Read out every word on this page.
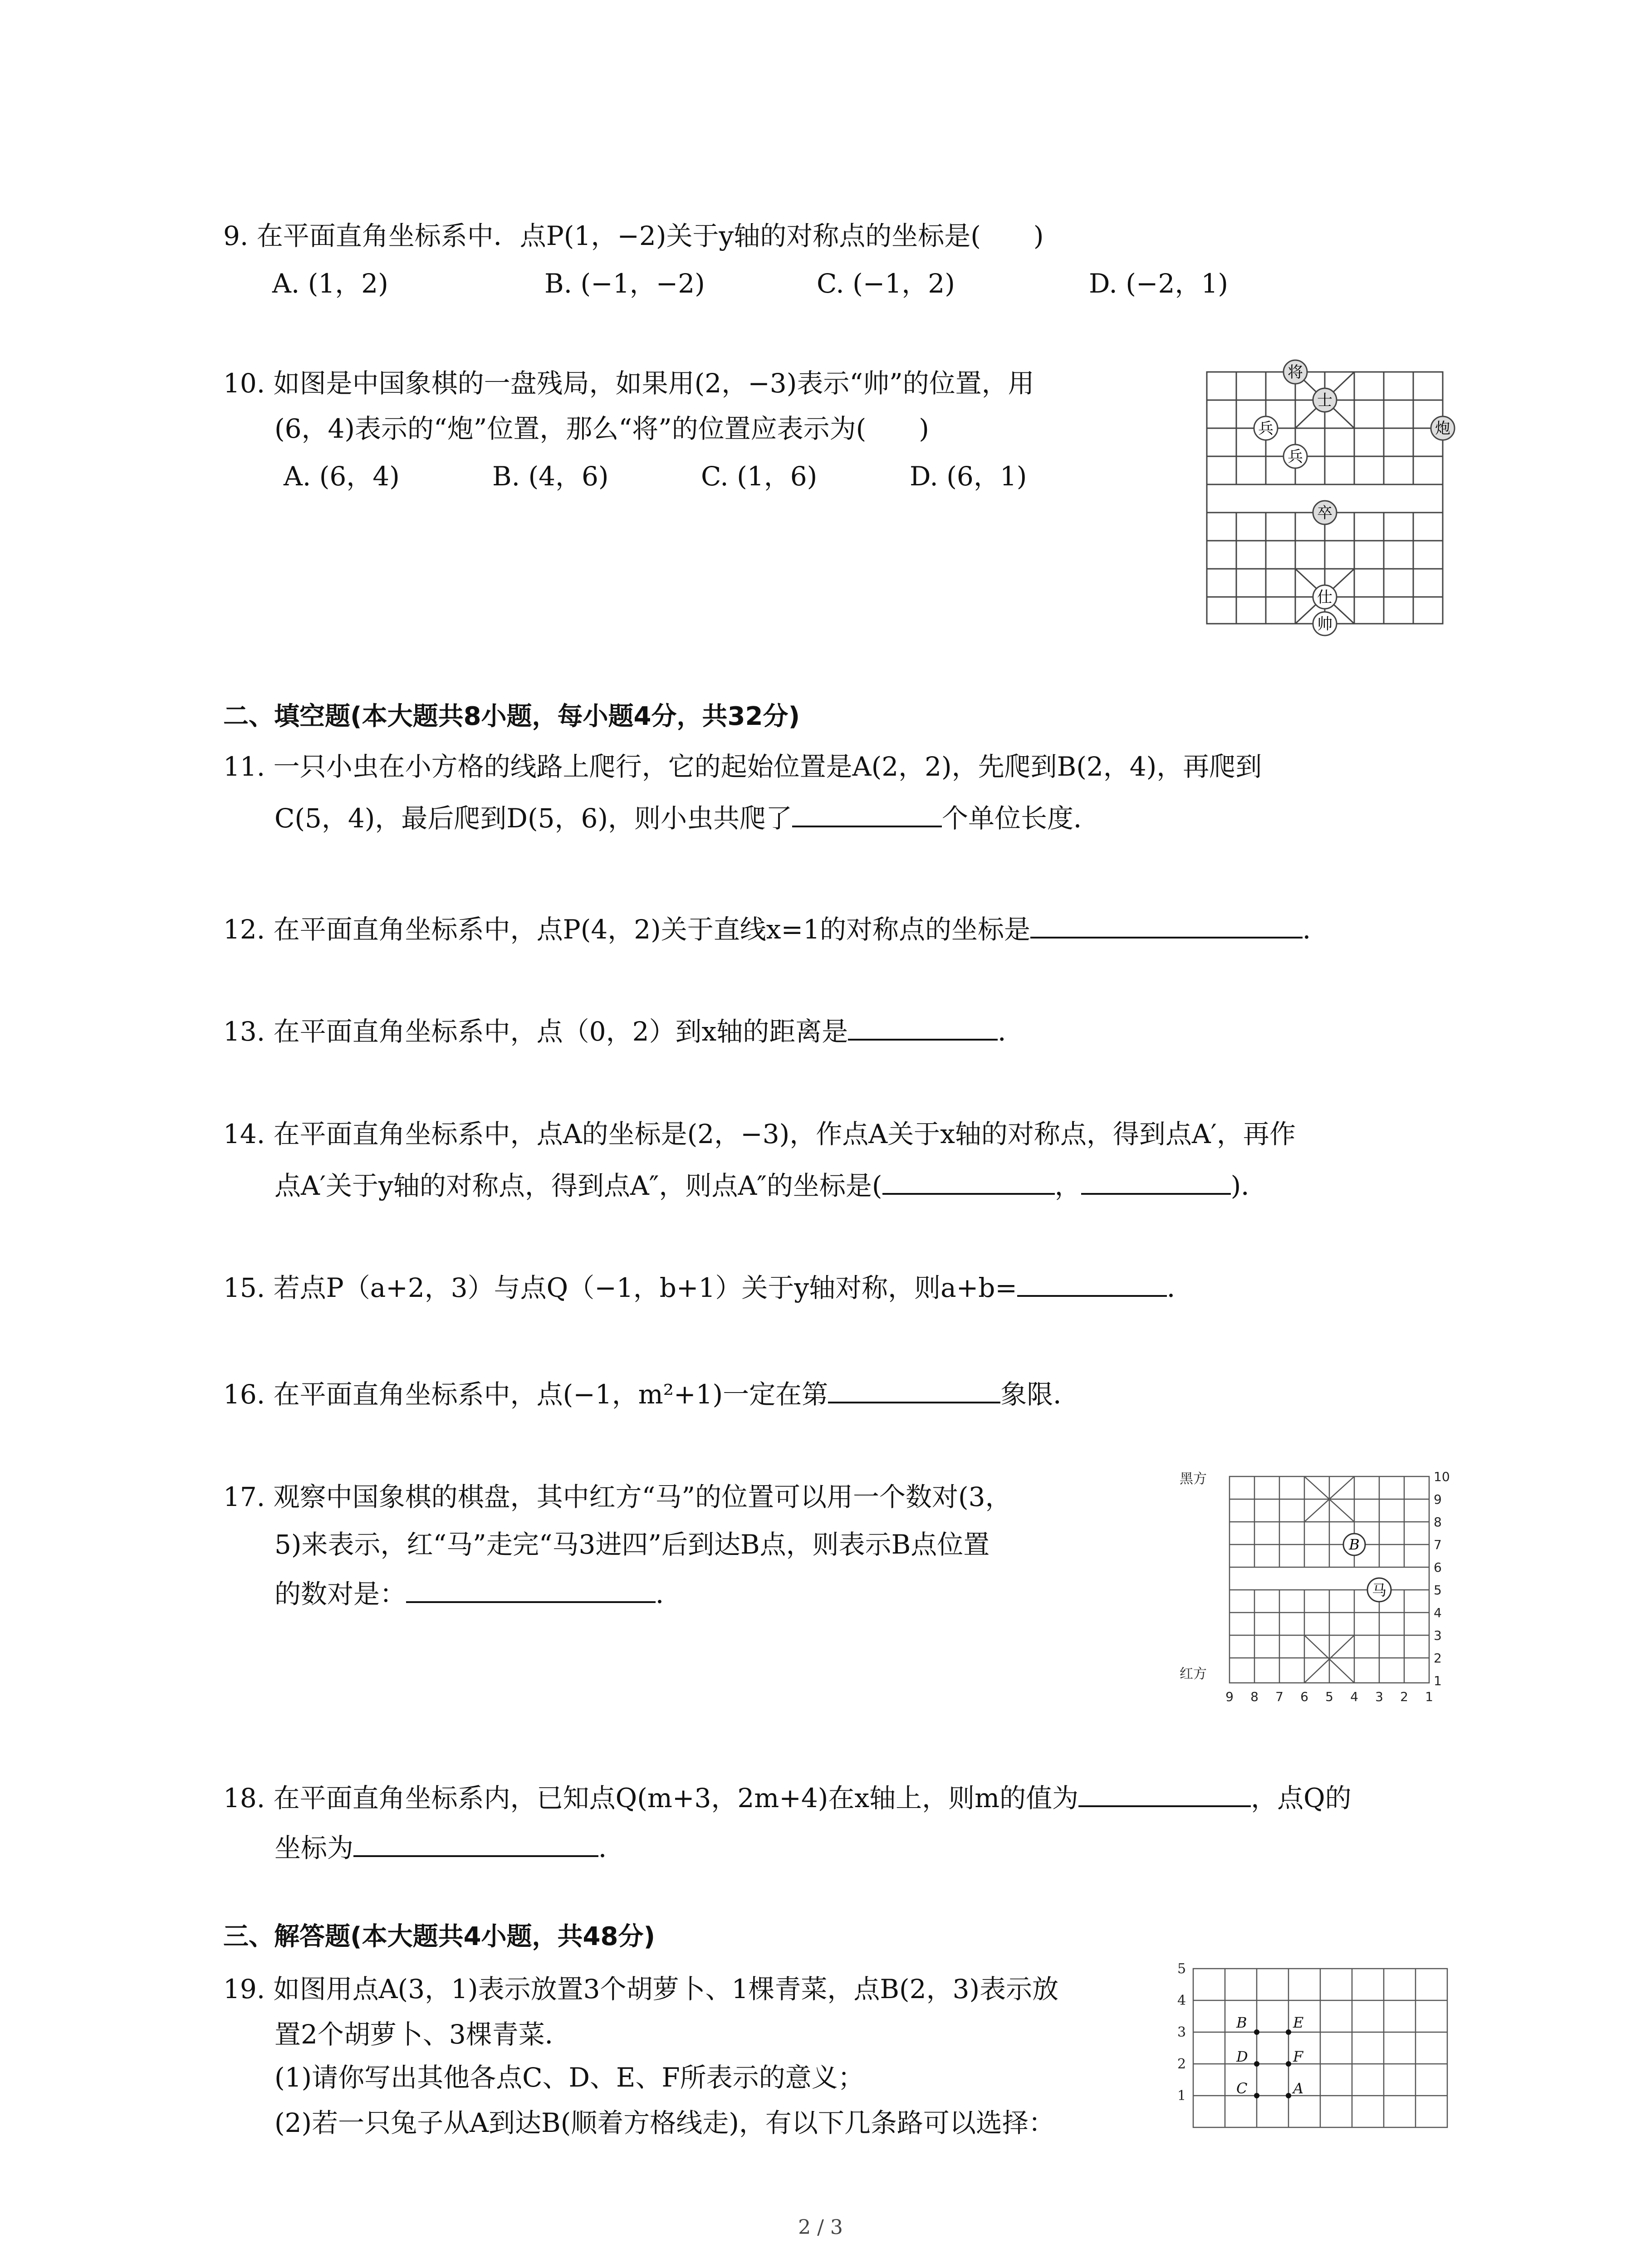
9. 在平面直角坐标系中．点P(1，−2)关于y轴的对称点的坐标是(　　)
A. (1，2)	B. (−1，−2)	C. (−1，2)	D. (−2，1)
10. 如图是中国象棋的一盘残局，如果用(2，−3)表示“帅”的位置，用
(6，4)表示的“炮”位置，那么“将”的位置应表示为(　　)
A. (6，4)	B. (4，6)	C. (1，6)	D. (6，1)
将
士
兵
兵
炮
卒
仕
帅
二、填空题(本大题共8小题，每小题4分，共32分)
11. 一只小虫在小方格的线路上爬行，它的起始位置是A(2，2)，先爬到B(2，4)，再爬到
C(5，4)，最后爬到D(5，6)，则小虫共爬了	个单位长度．
12. 在平面直角坐标系中，点P(4，2)关于直线x=1的对称点的坐标是	．
13. 在平面直角坐标系中，点（0，2）到x轴的距离是	．
14. 在平面直角坐标系中，点A的坐标是(2，−3)，作点A关于x轴的对称点，得到点A′，再作
点A′关于y轴的对称点，得到点A″，则点A″的坐标是(	，	)．
15. 若点P（a+2，3）与点Q（−1，b+1）关于y轴对称，则a+b=	．
16. 在平面直角坐标系中，点(−1，m²+1)一定在第	象限．
17. 观察中国象棋的棋盘，其中红方“马”的位置可以用一个数对(3，
5)来表示，红“马”走完“马3进四”后到达B点，则表示B点位置
的数对是：	．
黑方
红方
10
9
8
7
6
5
4
3
2
1
9 8 7 6 5 4 3 2 1
B
马
18. 在平面直角坐标系内，已知点Q(m+3，2m+4)在x轴上，则m的值为	，点Q的
坐标为	．
三、解答题(本大题共4小题，共48分)
19. 如图用点A(3，1)表示放置3个胡萝卜、1棵青菜，点B(2，3)表示放
置2个胡萝卜、3棵青菜．
(1)请你写出其他各点C、D、E、F所表示的意义；
(2)若一只兔子从A到达B(顺着方格线走)，有以下几条路可以选择：
5
4
3
2
1
B	E
D	F
C	A
2 / 3
